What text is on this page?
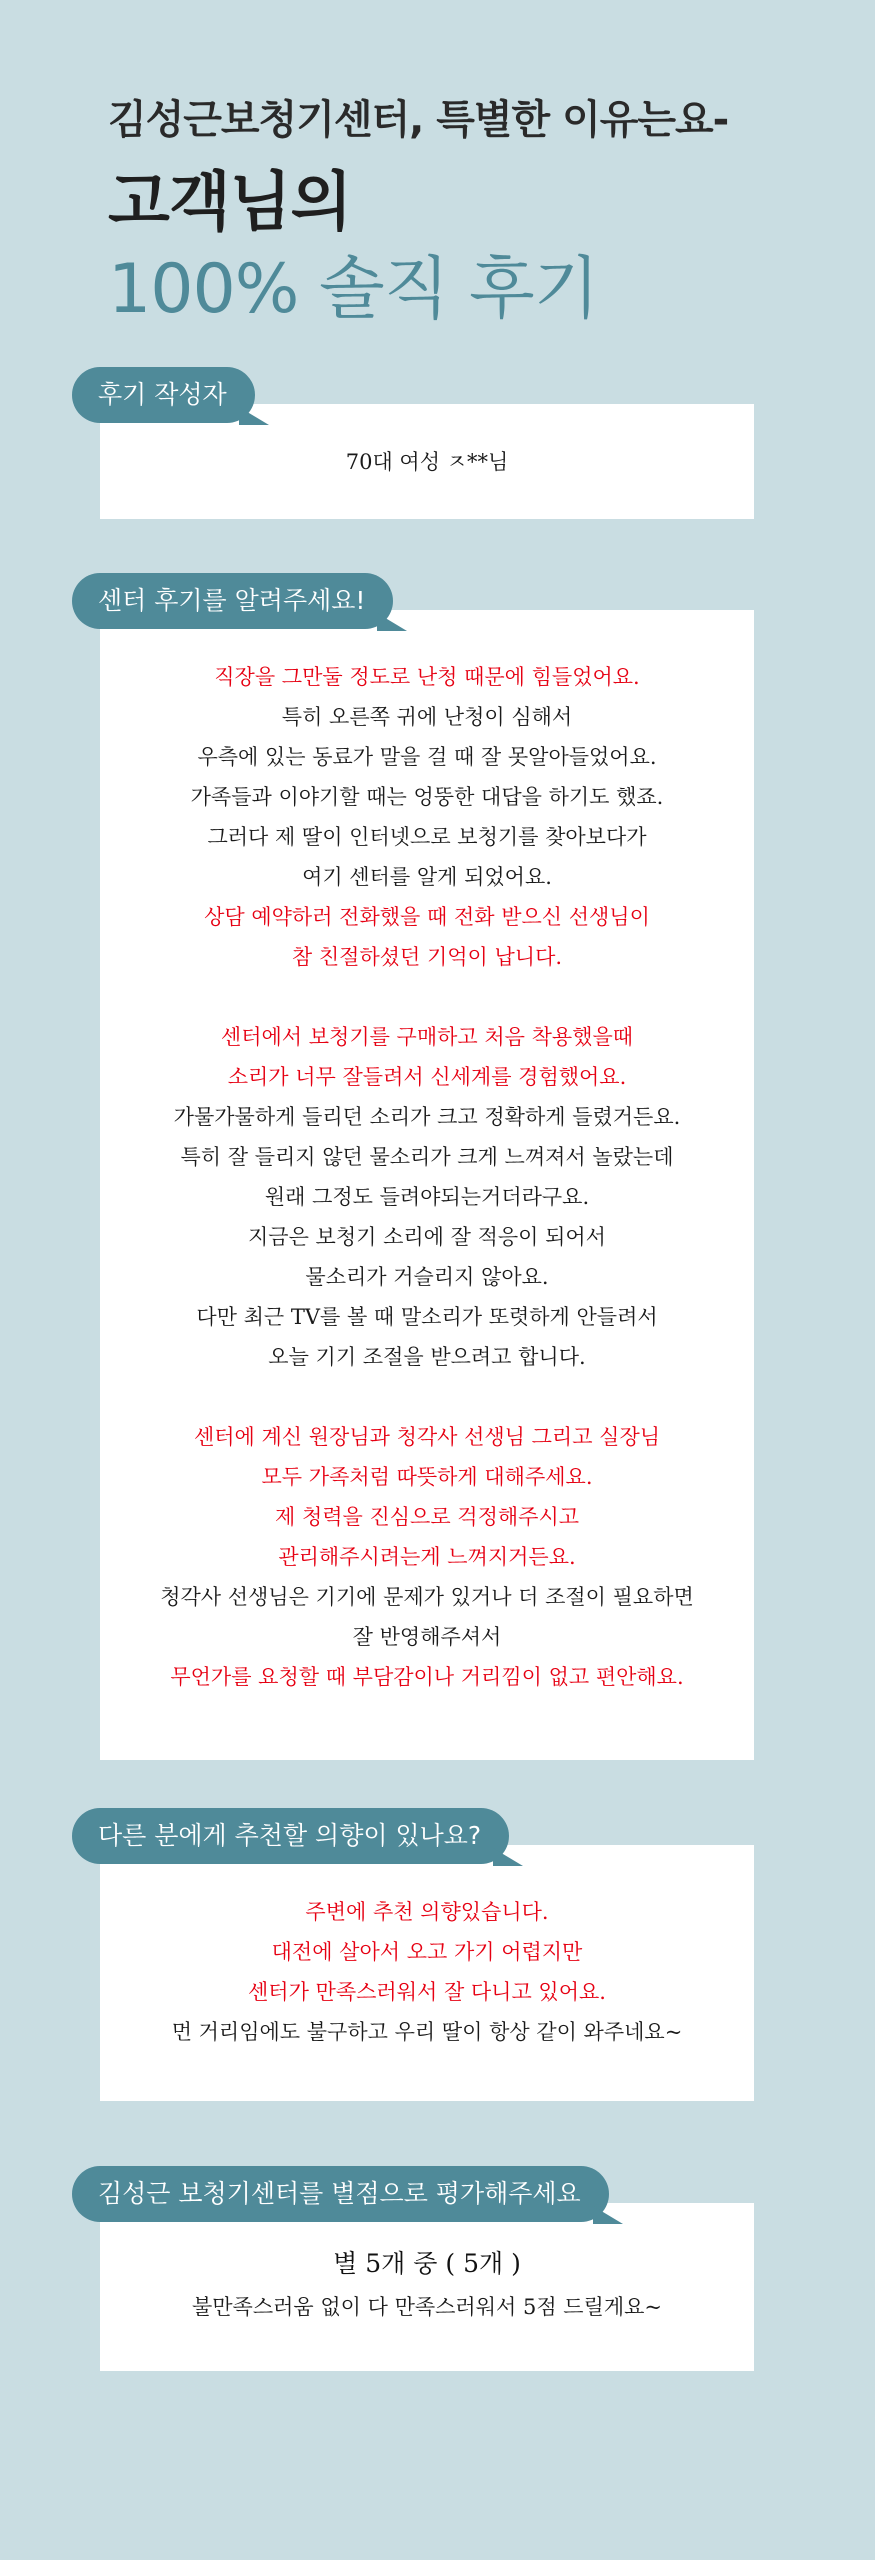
김성근보청기센터, 특별한 이유는요-
고객님의
100% 솔직 후기
후기 작성자
70대 여성 ㅈ**님
센터 후기를 알려주세요!
직장을 그만둘 정도로 난청 때문에 힘들었어요.
특히 오른쪽 귀에 난청이 심해서
우측에 있는 동료가 말을 걸 때 잘 못알아들었어요.
가족들과 이야기할 때는 엉뚱한 대답을 하기도 했죠.
그러다 제 딸이 인터넷으로 보청기를 찾아보다가
여기 센터를 알게 되었어요.
상담 예약하러 전화했을 때 전화 받으신 선생님이
참 친절하셨던 기억이 납니다.
센터에서 보청기를 구매하고 처음 착용했을때
소리가 너무 잘들려서 신세계를 경험했어요.
가물가물하게 들리던 소리가 크고 정확하게 들렸거든요.
특히 잘 들리지 않던 물소리가 크게 느껴져서 놀랐는데
원래 그정도 들려야되는거더라구요.
지금은 보청기 소리에 잘 적응이 되어서
물소리가 거슬리지 않아요.
다만 최근 TV를 볼 때 말소리가 또렷하게 안들려서
오늘 기기 조절을 받으려고 합니다.
센터에 계신 원장님과 청각사 선생님 그리고 실장님
모두 가족처럼 따뜻하게 대해주세요.
제 청력을 진심으로 걱정해주시고
관리해주시려는게 느껴지거든요.
청각사 선생님은 기기에 문제가 있거나 더 조절이 필요하면
잘 반영해주셔서
무언가를 요청할 때 부담감이나 거리낌이 없고 편안해요.
다른 분에게 추천할 의향이 있나요?
주변에 추천 의향있습니다.
대전에 살아서 오고 가기 어렵지만
센터가 만족스러워서 잘 다니고 있어요.
먼 거리임에도 불구하고 우리 딸이 항상 같이 와주네요~
김성근 보청기센터를 별점으로 평가해주세요
별 5개 중 ( 5개 )
불만족스러움 없이 다 만족스러워서 5점 드릴게요~
